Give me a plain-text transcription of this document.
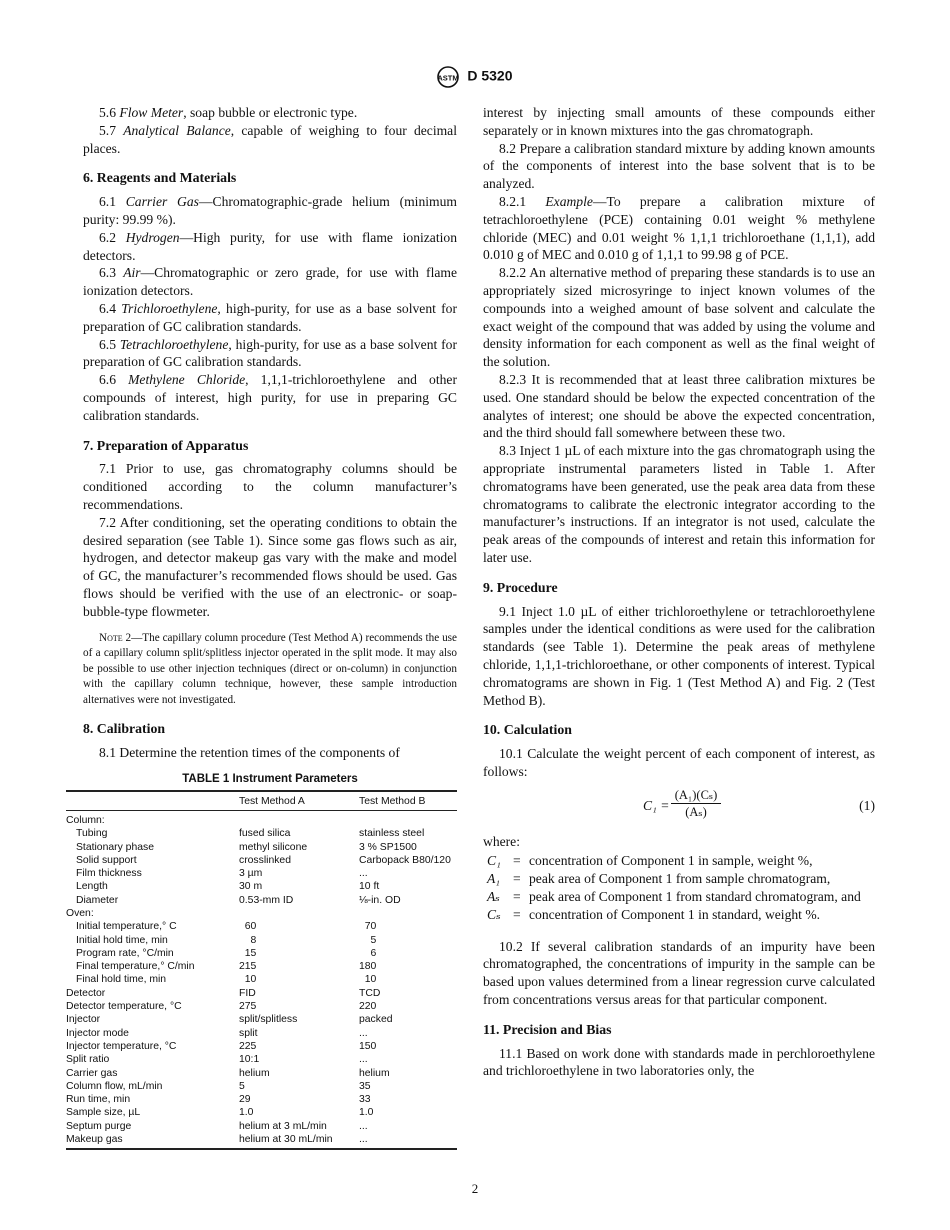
ASTM D 5320

5.6 Flow Meter, soap bubble or electronic type.

5.7 Analytical Balance, capable of weighing to four decimal places.

6. Reagents and Materials

6.1 Carrier Gas—Chromatographic-grade helium (minimum purity: 99.99 %).

6.2 Hydrogen—High purity, for use with flame ionization detectors.

6.3 Air—Chromatographic or zero grade, for use with flame ionization detectors.

6.4 Trichloroethylene, high-purity, for use as a base solvent for preparation of GC calibration standards.

6.5 Tetrachloroethylene, high-purity, for use as a base solvent for preparation of GC calibration standards.

6.6 Methylene Chloride, 1,1,1-trichloroethylene and other compounds of interest, high purity, for use in preparing GC calibration standards.

7. Preparation of Apparatus

7.1 Prior to use, gas chromatography columns should be conditioned according to the column manufacturer’s recommendations.

7.2 After conditioning, set the operating conditions to obtain the desired separation (see Table 1). Since some gas flows such as air, hydrogen, and detector makeup gas vary with the make and model of GC, the manufacturer’s recommended flows should be used. Gas flows should be verified with the use of an electronic- or soap- bubble-type flowmeter.

Note 2—The capillary column procedure (Test Method A) recommends the use of a capillary column split/splitless injector operated in the split mode. It may also be possible to use other injection techniques (direct or on-column) in conjunction with the capillary column technique, however, these sample introduction alternatives were not investigated.

8. Calibration

8.1 Determine the retention times of the components of

TABLE 1 Instrument Parameters
	Test Method A	Test Method B
Column:		
Tubing	fused silica	stainless steel
Stationary phase	methyl silicone	3 % SP1500
Solid support	crosslinked	Carbopack B80/120
Film thickness	3 µm	...
Length	30 m	10 ft
Diameter	0.53-mm ID	⅛-in. OD
Oven:		
Initial temperature,° C	60	70
Initial hold time, min	8	5
Program rate, °C/min	15	6
Final temperature,° C/min	215	180
Final hold time, min	10	10
Detector	FID	TCD
Detector temperature, °C	275	220
Injector	split/splitless	packed
Injector mode	split	...
Injector temperature, °C	225	150
Split ratio	10:1	...
Carrier gas	helium	helium
Column flow, mL/min	5	35
Run time, min	29	33
Sample size, µL	1.0	1.0
Septum purge	helium at 3 mL/min	...
Makeup gas	helium at 30 mL/min	...

interest by injecting small amounts of these compounds either separately or in known mixtures into the gas chromatograph.

8.2 Prepare a calibration standard mixture by adding known amounts of the components of interest into the base solvent that is to be analyzed.

8.2.1 Example—To prepare a calibration mixture of tetrachloroethylene (PCE) containing 0.01 weight % methylene chloride (MEC) and 0.01 weight % 1,1,1 trichloroethane (1,1,1), add 0.010 g of MEC and 0.010 g of 1,1,1 to 99.98 g of PCE.

8.2.2 An alternative method of preparing these standards is to use an appropriately sized microsyringe to inject known volumes of the compounds into a weighed amount of base solvent and calculate the exact weight of the compound that was added by using the volume and density information for each component as well as the final weight of the solution.

8.2.3 It is recommended that at least three calibration mixtures be used. One standard should be below the expected concentration of the analytes of interest; one should be above the expected concentration, and the third should fall somewhere between these two.

8.3 Inject 1 µL of each mixture into the gas chromatograph using the appropriate instrumental parameters listed in Table 1. After chromatograms have been generated, use the peak area data from these chromatograms to calibrate the electronic integrator according to the manufacturer’s instructions. If an integrator is not used, calculate the peak areas of the compounds of interest and retain this information for later use.

9. Procedure

9.1 Inject 1.0 µL of either trichloroethylene or tetrachloroethylene samples under the identical conditions as were used for the calibration standards (see Table 1). Determine the peak areas of methylene chloride, 1,1,1-trichloroethane, or other components of interest. Typical chromatograms are shown in Fig. 1 (Test Method A) and Fig. 2 (Test Method B).

10. Calculation

10.1 Calculate the weight percent of each component of interest, as follows:

$C_1 = \frac{\text{(A₁)(Cₛ)}}{\text{(Aₛ)}}$	(1)
where:
C₁ = concentration of Component 1 in sample, weight %,
A₁ = peak area of Component 1 from sample chromatogram,
Aₛ = peak area of Component 1 from standard chromatogram, and
Cₛ = concentration of Component 1 in standard, weight %.

10.2 If several calibration standards of an impurity have been chromatographed, the concentrations of impurity in the sample can be based upon values determined from a linear regression curve calculated from concentrations versus areas for that particular component.

11. Precision and Bias

11.1 Based on work done with standards made in perchloroethylene and trichloroethylene in two laboratories only, the

2
